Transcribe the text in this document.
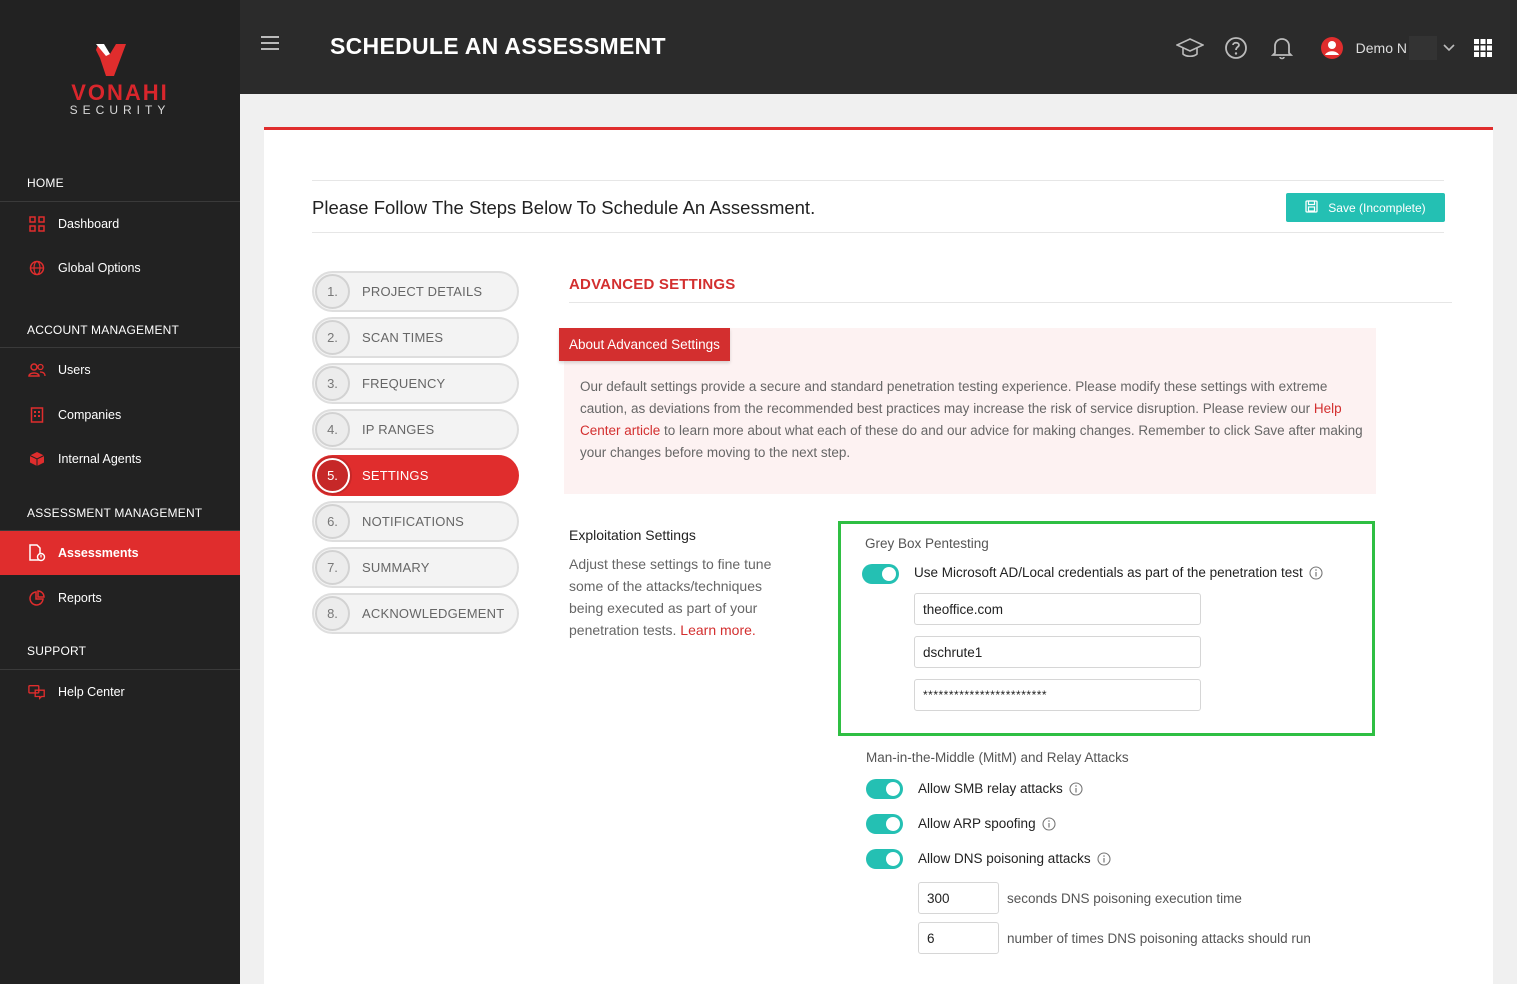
VONAHI
SECURITY
HOME
Dashboard
Global Options
ACCOUNT MANAGEMENT
Users
Companies
Internal Agents
ASSESSMENT MANAGEMENT
Assessments
Reports
SUPPORT
Help Center
SCHEDULE AN ASSESSMENT	Demo N
Please Follow The Steps Below To Schedule An Assessment.	Save (Incomplete)
1.	PROJECT DETAILS
2.	SCAN TIMES
3.	FREQUENCY
4.	IP RANGES
5.	SETTINGS
6.	NOTIFICATIONS
7.	SUMMARY
8.	ACKNOWLEDGEMENT
ADVANCED SETTINGS
About Advanced Settings
Our default settings provide a secure and standard penetration testing experience. Please modify these settings with extreme caution, as deviations from the recommended best practices may increase the risk of service disruption. Please review our Help Center article to learn more about what each of these do and our advice for making changes. Remember to click Save after making your changes before moving to the next step.
Exploitation Settings
Adjust these settings to fine tune some of the attacks/techniques being executed as part of your penetration tests. Learn more.
Grey Box Pentesting
Use Microsoft AD/Local credentials as part of the penetration test
theoffice.com
dschrute1
************************
Man-in-the-Middle (MitM) and Relay Attacks
Allow SMB relay attacks
Allow ARP spoofing
Allow DNS poisoning attacks
300
seconds DNS poisoning execution time
6
number of times DNS poisoning attacks should run
